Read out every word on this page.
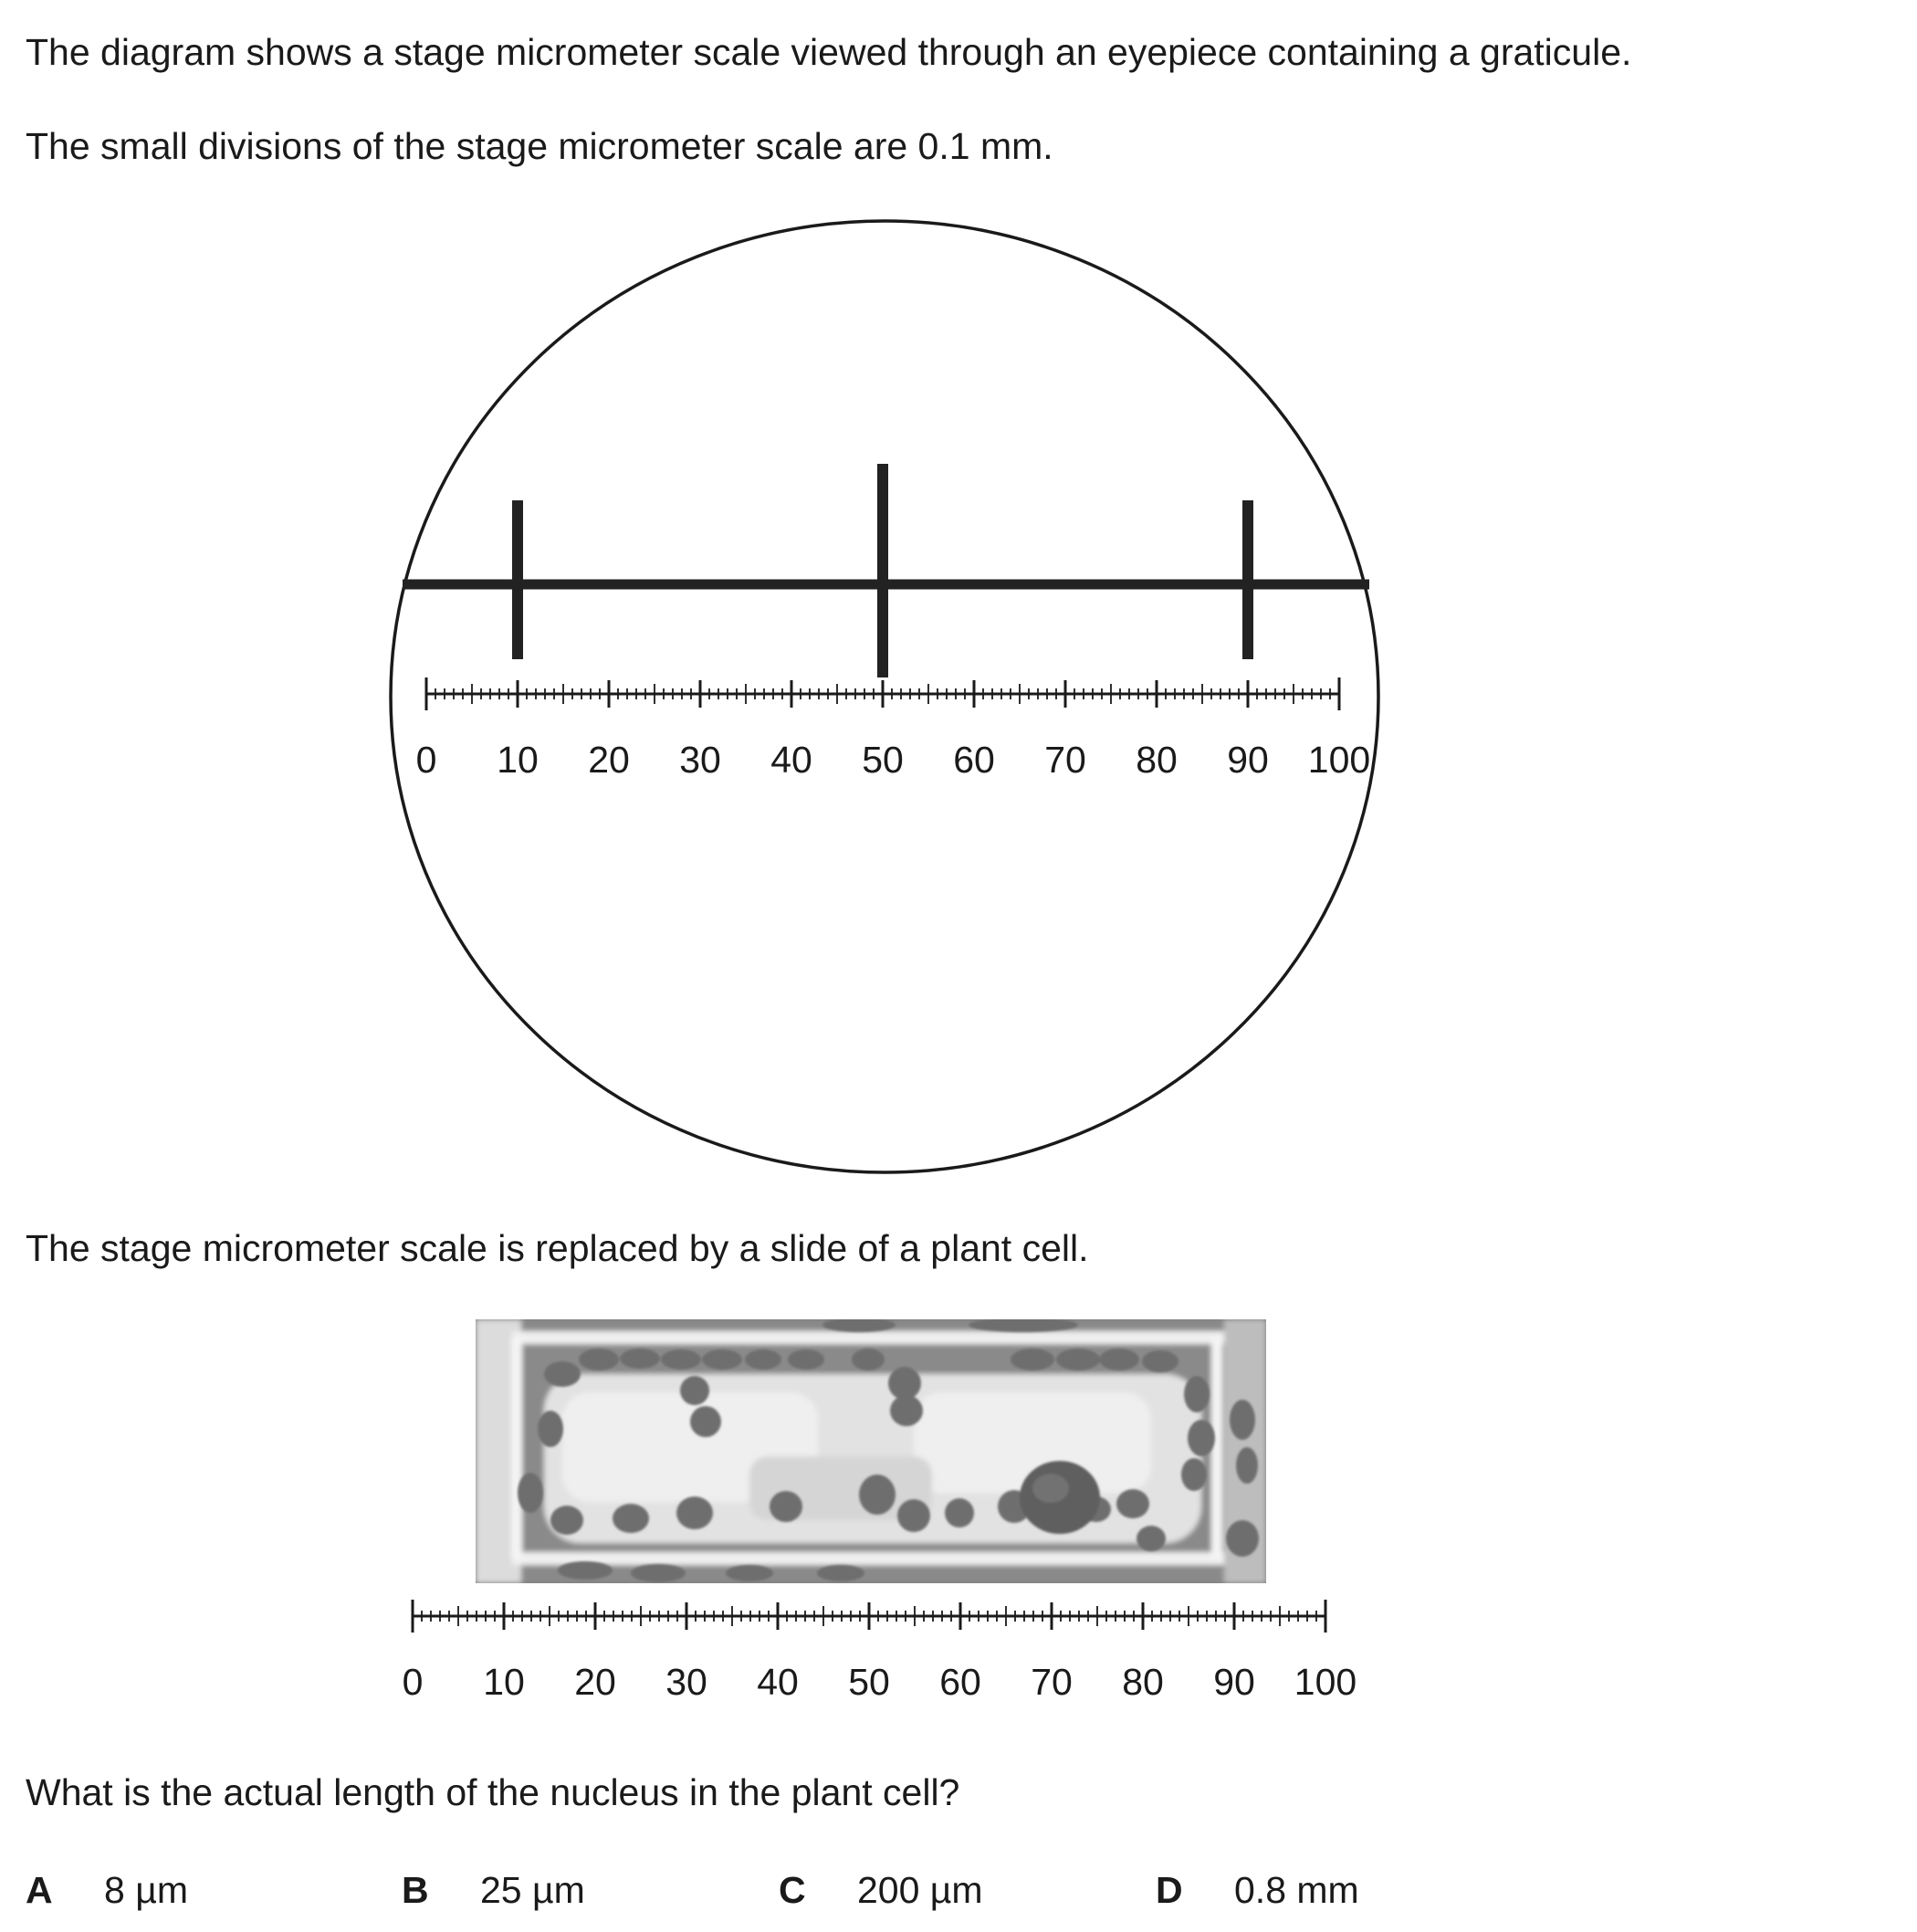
The diagram shows a stage micrometer scale viewed through an eyepiece containing a graticule.
The small divisions of the stage micrometer scale are 0.1 mm.
0 10 20 30 40 50 60 70 80 90 100
0 10 20 30 40 50 60 70 80 90 100
The stage micrometer scale is replaced by a slide of a plant cell.
What is the actual length of the nucleus in the plant cell?
A 8 µm	B 25 µm	C 200 µm	D 0.8 mm
